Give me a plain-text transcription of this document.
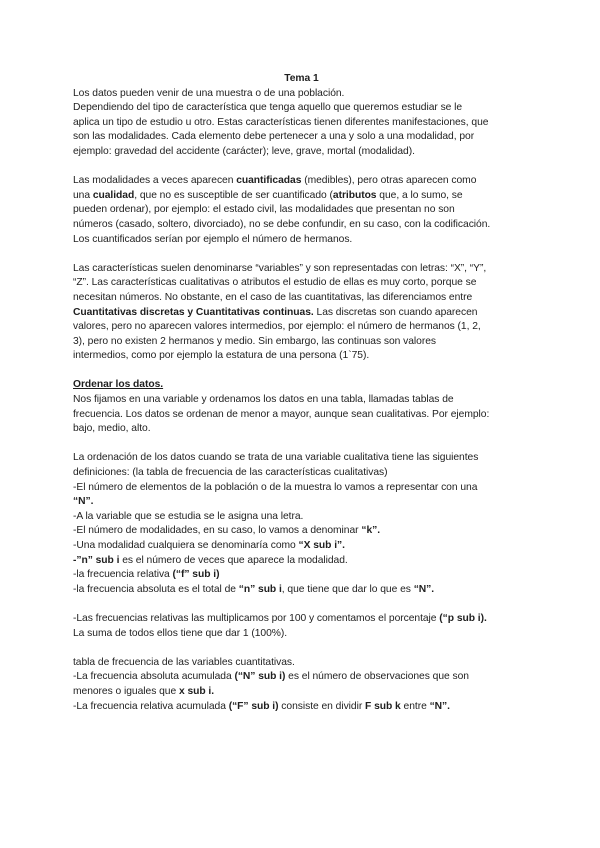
Tema 1

Los datos pueden venir de una muestra o de una población.

Dependiendo del tipo de característica que tenga aquello que queremos estudiar se le

aplica un tipo de estudio u otro. Estas características tienen diferentes manifestaciones, que

son las modalidades. Cada elemento debe pertenecer a una y solo a una modalidad, por

ejemplo: gravedad del accidente (carácter); leve, grave, mortal (modalidad).

Las modalidades a veces aparecen cuantificadas (medibles), pero otras aparecen como

una cualidad, que no es susceptible de ser cuantificado (atributos que, a lo sumo, se

pueden ordenar), por ejemplo: el estado civil, las modalidades que presentan no son

números (casado, soltero, divorciado), no se debe confundir, en su caso, con la codificación.

Los cuantificados serían por ejemplo el número de hermanos.

Las características suelen denominarse “variables” y son representadas con letras: “X”, “Y”,

“Z”. Las características cualitativas o atributos el estudio de ellas es muy corto, porque se

necesitan números. No obstante, en el caso de las cuantitativas, las diferenciamos entre

Cuantitativas discretas y Cuantitativas continuas. Las discretas son cuando aparecen

valores, pero no aparecen valores intermedios, por ejemplo: el número de hermanos (1, 2,

3), pero no existen 2 hermanos y medio. Sin embargo, las continuas son valores

intermedios, como por ejemplo la estatura de una persona (1`75).

Ordenar los datos.

Nos fijamos en una variable y ordenamos los datos en una tabla, llamadas tablas de

frecuencia. Los datos se ordenan de menor a mayor, aunque sean cualitativas. Por ejemplo:

bajo, medio, alto.

La ordenación de los datos cuando se trata de una variable cualitativa tiene las siguientes

definiciones: (la tabla de frecuencia de las características cualitativas)

-El número de elementos de la población o de la muestra lo vamos a representar con una

“N”.

-A la variable que se estudia se le asigna una letra.

-El número de modalidades, en su caso, lo vamos a denominar “k”.

-Una modalidad cualquiera se denominaría como “X sub i”.

-”n” sub i es el número de veces que aparece la modalidad.

-la frecuencia relativa (“f” sub i)

-la frecuencia absoluta es el total de “n” sub i, que tiene que dar lo que es “N”.

-Las frecuencias relativas las multiplicamos por 100 y comentamos el porcentaje (“p sub i).

La suma de todos ellos tiene que dar 1 (100%).

tabla de frecuencia de las variables cuantitativas.

-La frecuencia absoluta acumulada (“N” sub i) es el número de observaciones que son

menores o iguales que x sub i.

-La frecuencia relativa acumulada (“F” sub i) consiste en dividir F sub k entre “N”.
